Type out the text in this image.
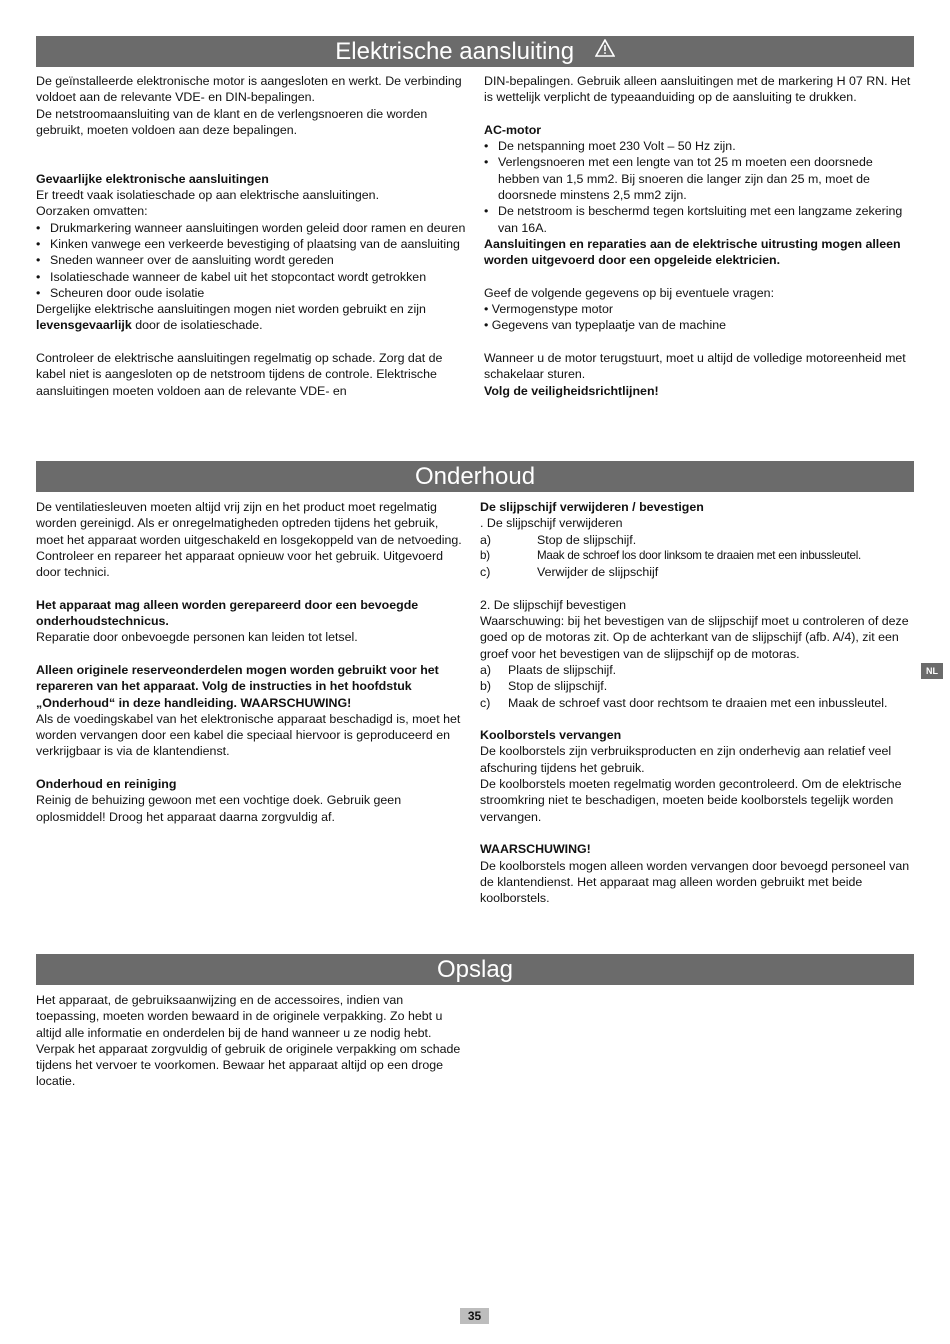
Elektrische aansluiting

De geïnstalleerde elektronische motor is aangesloten en werkt. De verbinding voldoet aan de relevante VDE- en DIN-bepalingen.

De netstroomaansluiting van de klant en de verlengsnoeren die worden gebruikt, moeten voldoen aan deze bepalingen.

Gevaarlijke elektronische aansluitingen

Er treedt vaak isolatieschade op aan elektrische aansluitingen.

Oorzaken omvatten:

• Drukmarkering wanneer aansluitingen worden geleid door ramen en deuren

• Kinken vanwege een verkeerde bevestiging of plaatsing van de aansluiting

• Sneden wanneer over de aansluiting wordt gereden

• Isolatieschade wanneer de kabel uit het stopcontact wordt getrokken

• Scheuren door oude isolatie

Dergelijke elektrische aansluitingen mogen niet worden gebruikt en zijn levensgevaarlijk door de isolatieschade.

Controleer de elektrische aansluitingen regelmatig op schade. Zorg dat de kabel niet is aangesloten op de netstroom tijdens de controle. Elektrische aansluitingen moeten voldoen aan de relevante VDE- en

DIN-bepalingen. Gebruik alleen aansluitingen met de markering H 07 RN. Het is wettelijk verplicht de typeaanduiding op de aansluiting te drukken.

AC-motor

• De netspanning moet 230 Volt – 50 Hz zijn.

• Verlengsnoeren met een lengte van tot 25 m moeten een doorsnede hebben van 1,5 mm2. Bij snoeren die langer zijn dan 25 m, moet de doorsnede minstens 2,5 mm2 zijn.

• De netstroom is beschermd tegen kortsluiting met een langzame zekering van 16A.

Aansluitingen en reparaties aan de elektrische uitrusting mogen alleen worden uitgevoerd door een opgeleide elektricien.

Geef de volgende gegevens op bij eventuele vragen:

• Vermogenstype motor

• Gegevens van typeplaatje van de machine

Wanneer u de motor terugstuurt, moet u altijd de volledige motoreenheid met schakelaar sturen.

Volg de veiligheidsrichtlijnen!

Onderhoud

De ventilatiesleuven moeten altijd vrij zijn en het product moet regelmatig worden gereinigd. Als er onregelmatigheden optreden tijdens het gebruik, moet het apparaat worden uitgeschakeld en losgekoppeld van de netvoeding. Controleer en repareer het apparaat opnieuw voor het gebruik. Uitgevoerd door technici.

Het apparaat mag alleen worden gerepareerd door een bevoegde onderhoudstechnicus.

Reparatie door onbevoegde personen kan leiden tot letsel.

Alleen originele reserveonderdelen mogen worden gebruikt voor het repareren van het apparaat. Volg de instructies in het hoofdstuk „Onderhoud“ in deze handleiding. WAARSCHUWING!

Als de voedingskabel van het elektronische apparaat beschadigd is, moet het worden vervangen door een kabel die speciaal hiervoor is geproduceerd en verkrijgbaar is via de klantendienst.

Onderhoud en reiniging

Reinig de behuizing gewoon met een vochtige doek. Gebruik geen oplosmiddel! Droog het apparaat daarna zorgvuldig af.

De slijpschijf verwijderen / bevestigen

. De slijpschijf verwijderen

a)	Stop de slijpschijf.

b)	Maak de schroef los door linksom te draaien met een inbussleutel.

c)	Verwijder de slijpschijf

2. De slijpschijf bevestigen

Waarschuwing: bij het bevestigen van de slijpschijf moet u controleren of deze goed op de motoras zit. Op de achterkant van de slijpschijf (afb. A/4), zit een groef voor het bevestigen van de slijpschijf op de motoras.

a) Plaats de slijpschijf.

b) Stop de slijpschijf.

c) Maak de schroef vast door rechtsom te draaien met een inbussleutel.

Koolborstels vervangen

De koolborstels zijn verbruiksproducten en zijn onderhevig aan relatief veel afschuring tijdens het gebruik.

De koolborstels moeten regelmatig worden gecontroleerd. Om de elektrische stroomkring niet te beschadigen, moeten beide koolborstels tegelijk worden vervangen.

WAARSCHUWING!

De koolborstels mogen alleen worden vervangen door bevoegd personeel van de klantendienst. Het apparaat mag alleen worden gebruikt met beide koolborstels.

NL
Opslag

Het apparaat, de gebruiksaanwijzing en de accessoires, indien van toepassing, moeten worden bewaard in de originele verpakking. Zo hebt u altijd alle informatie en onderdelen bij de hand wanneer u ze nodig hebt. Verpak het apparaat zorgvuldig of gebruik de originele verpakking om schade tijdens het vervoer te voorkomen. Bewaar het apparaat altijd op een droge locatie.

35
